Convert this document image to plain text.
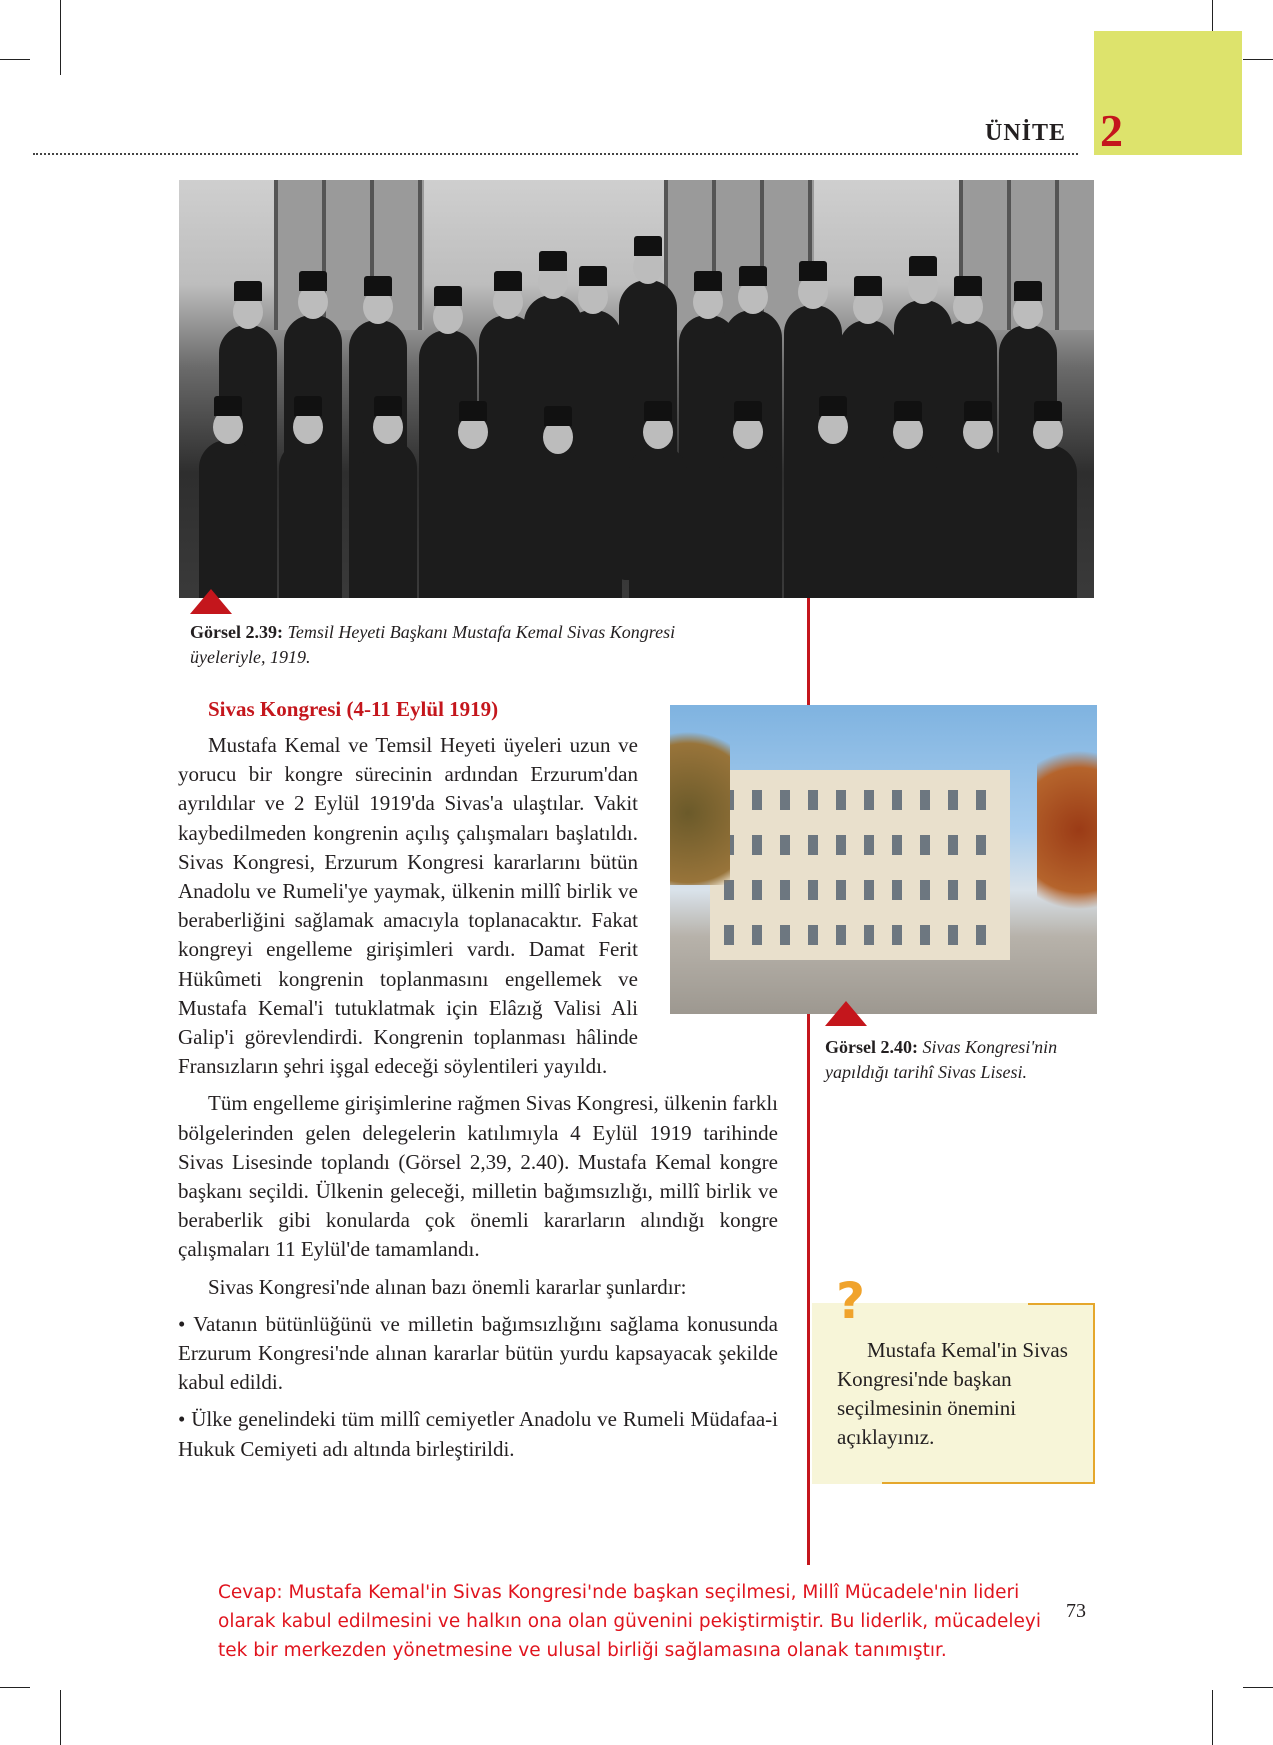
2
ÜNİTE
Görsel 2.39: Temsil Heyeti Başkanı Mustafa Kemal Sivas Kongresi üyeleriyle, 1919.
Sivas Kongresi (4-11 Eylül 1919)
Görsel 2.40: Sivas Kongresi'nin yapıldığı tarihî Sivas Lisesi.

Mustafa Kemal ve Temsil Heyeti üyeleri uzun ve yorucu bir kongre sürecinin ardından Erzurum'dan ayrıldılar ve 2 Eylül 1919'da Sivas'a ulaştılar. Vakit kaybedilmeden kongrenin açılış çalışmaları başlatıldı. Sivas Kongresi, Erzurum Kongresi kararlarını bütün Anadolu ve Rumeli'ye yaymak, ülkenin millî birlik ve beraberliğini sağlamak amacıyla toplanacaktır. Fakat kongreyi engelleme girişimleri vardı. Damat Ferit Hükûmeti kongrenin toplanmasını engellemek ve Mustafa Kemal'i tutuklatmak için Elâzığ Valisi Ali Galip'i görevlendirdi. Kongrenin toplanması hâlinde Fransızların şehri işgal edeceği söylentileri yayıldı.

Tüm engelleme girişimlerine rağmen Sivas Kongresi, ülkenin farklı bölgelerinden gelen delegelerin katılımıyla 4 Eylül 1919 tarihinde Sivas Lisesinde toplandı (Görsel 2,39, 2.40). Mustafa Kemal kongre başkanı seçildi. Ülkenin geleceği, milletin bağımsızlığı, millî birlik ve beraberlik gibi konularda çok önemli kararların alındığı kongre çalışmaları 11 Eylül'de tamamlandı.

Sivas Kongresi'nde alınan bazı önemli kararlar şunlardır:

• Vatanın bütünlüğünü ve milletin bağımsızlığını sağlama konusunda Erzurum Kongresi'nde alınan kararlar bütün yurdu kapsayacak şekilde kabul edildi.

• Ülke genelindeki tüm millî cemiyetler Anadolu ve Rumeli Müdafaa-i Hukuk Cemiyeti adı altında birleştirildi.

?
Mustafa Kemal'in Sivas Kongresi'nde başkan seçilmesinin önemini açıklayınız.
Cevap: Mustafa Kemal'in Sivas Kongresi'nde başkan seçilmesi, Millî Mücadele'nin lideri olarak kabul edilmesini ve halkın ona olan güvenini pekiştirmiştir. Bu liderlik, mücadeleyi tek bir merkezden yönetmesine ve ulusal birliği sağlamasına olanak tanımıştır.
73
